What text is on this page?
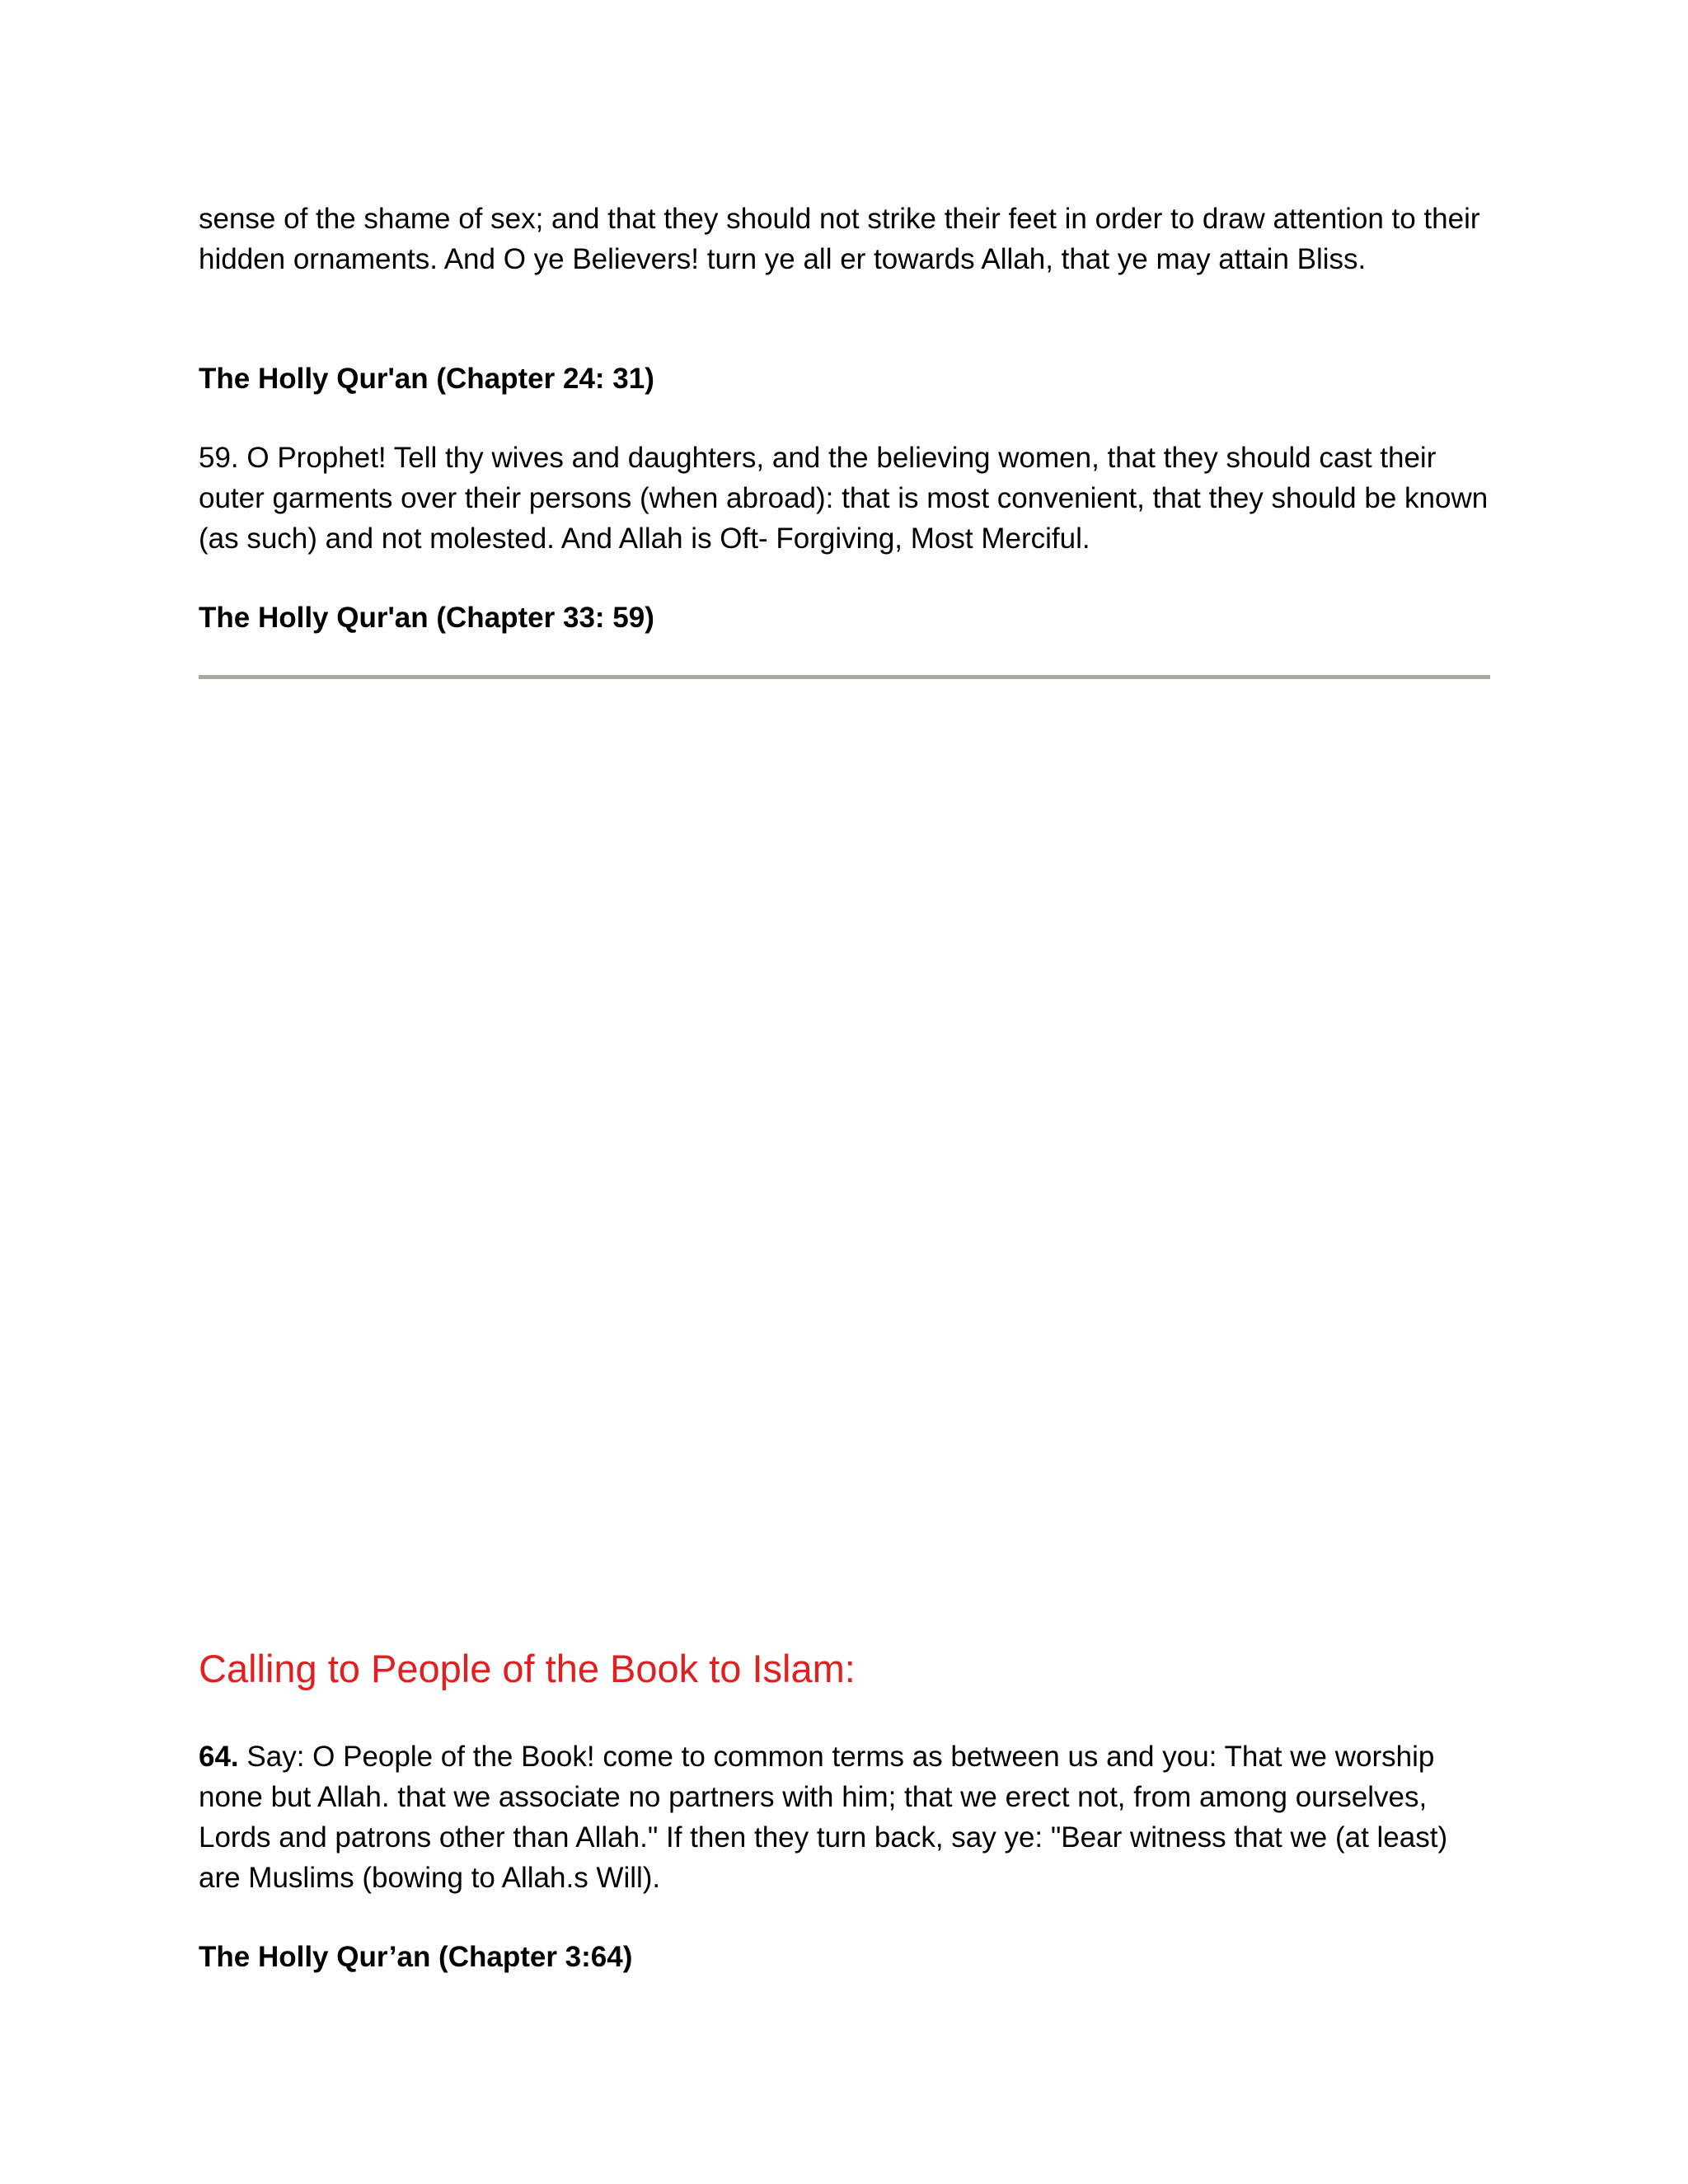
sense of the shame of sex; and that they should not strike their feet in order to draw attention to their hidden ornaments. And O ye Believers! turn ye all er towards Allah, that ye may attain Bliss.

The Holly Qur'an (Chapter 24: 31)

59. O Prophet! Tell thy wives and daughters, and the believing women, that they should cast their outer garments over their persons (when abroad): that is most convenient, that they should be known (as such) and not molested. And Allah is Oft- Forgiving, Most Merciful.

The Holly Qur'an (Chapter 33: 59)

Calling to People of the Book to Islam:

64. Say: O People of the Book! come to common terms as between us and you: That we worship none but Allah. that we associate no partners with him; that we erect not, from among ourselves, Lords and patrons other than Allah." If then they turn back, say ye: "Bear witness that we (at least) are Muslims (bowing to Allah.s Will).

The Holly Qur’an (Chapter 3:64)
